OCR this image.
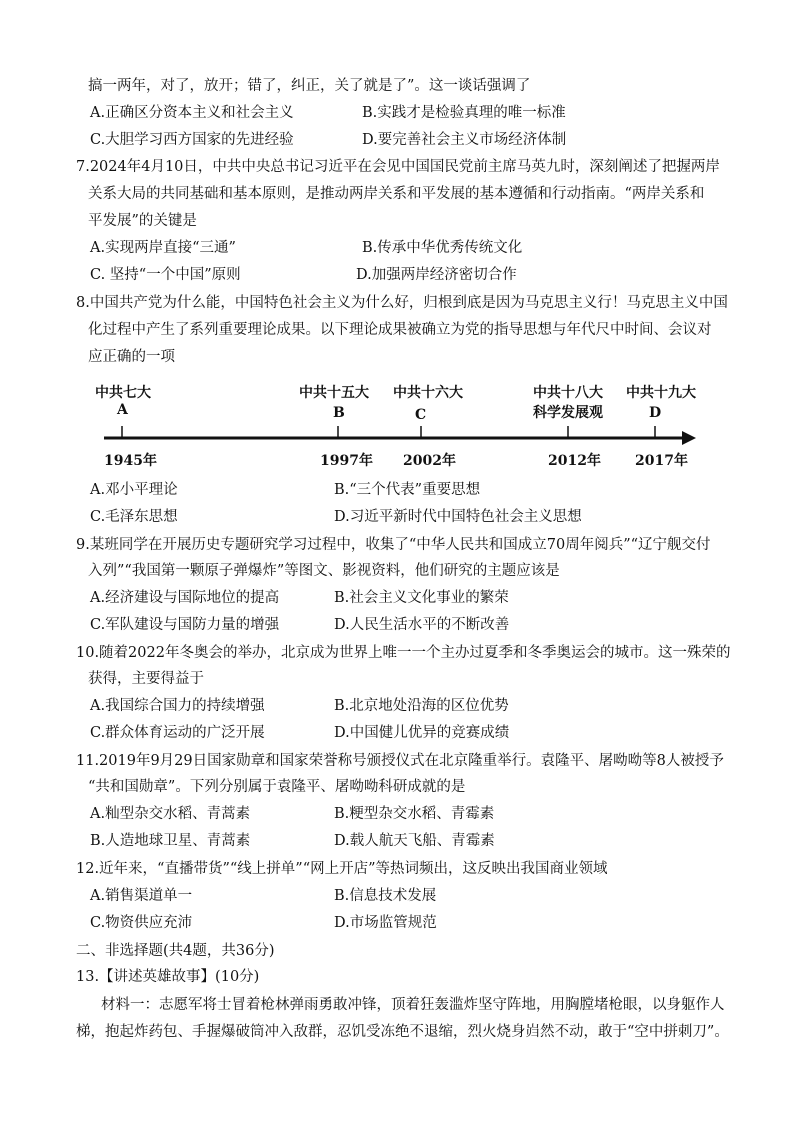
搞一两年，对了，放开；错了，纠正，关了就是了”。这一谈话强调了
A.正确区分资本主义和社会主义	B.实践才是检验真理的唯一标准
C.大胆学习西方国家的先进经验	D.要完善社会主义市场经济体制
7.2024年4月10日，中共中央总书记习近平在会见中国国民党前主席马英九时，深刻阐述了把握两岸
关系大局的共同基础和基本原则，是推动两岸关系和平发展的基本遵循和行动指南。“两岸关系和
平发展”的关键是
A.实现两岸直接“三通”	B.传承中华优秀传统文化
C. 坚持“一个中国”原则	D.加强两岸经济密切合作
8.中国共产党为什么能，中国特色社会主义为什么好，归根到底是因为马克思主义行！马克思主义中国
化过程中产生了系列重要理论成果。以下理论成果被确立为党的指导思想与年代尺中时间、会议对
应正确的一项
中共七大
A
1945年
中共十五大
B
1997年
中共十六大
C
2002年
中共十八大
科学发展观
2012年
中共十九大
D
2017年
A.邓小平理论	B.“三个代表”重要思想
C.毛泽东思想	D.习近平新时代中国特色社会主义思想
9.某班同学在开展历史专题研究学习过程中，收集了“中华人民共和国成立70周年阅兵”“辽宁舰交付
入列”“我国第一颗原子弹爆炸”等图文、影视资料，他们研究的主题应该是
A.经济建设与国际地位的提高	B.社会主义文化事业的繁荣
C.军队建设与国防力量的增强	D.人民生活水平的不断改善
10.随着2022年冬奥会的举办，北京成为世界上唯一一个主办过夏季和冬季奥运会的城市。这一殊荣的
获得，主要得益于
A.我国综合国力的持续增强	B.北京地处沿海的区位优势
C.群众体育运动的广泛开展	D.中国健儿优异的竞赛成绩
11.2019年9月29日国家勋章和国家荣誉称号颁授仪式在北京隆重举行。袁隆平、屠呦呦等8人被授予
“共和国勋章”。下列分别属于袁隆平、屠呦呦科研成就的是
A.籼型杂交水稻、青蒿素	B.粳型杂交水稻、青霉素
B.人造地球卫星、青蒿素	D.载人航天飞船、青霉素
12.近年来，“直播带货”“线上拼单”“网上开店”等热词频出，这反映出我国商业领域
A.销售渠道单一	B.信息技术发展
C.物资供应充沛	D.市场监管规范
二、非选择题(共4题，共36分)
13.【讲述英雄故事】(10分)
材料一：志愿军将士冒着枪林弹雨勇敢冲锋，顶着狂轰滥炸坚守阵地，用胸膛堵枪眼，以身躯作人
梯，抱起炸药包、手握爆破筒冲入敌群，忍饥受冻绝不退缩，烈火烧身岿然不动，敢于“空中拼刺刀”。
